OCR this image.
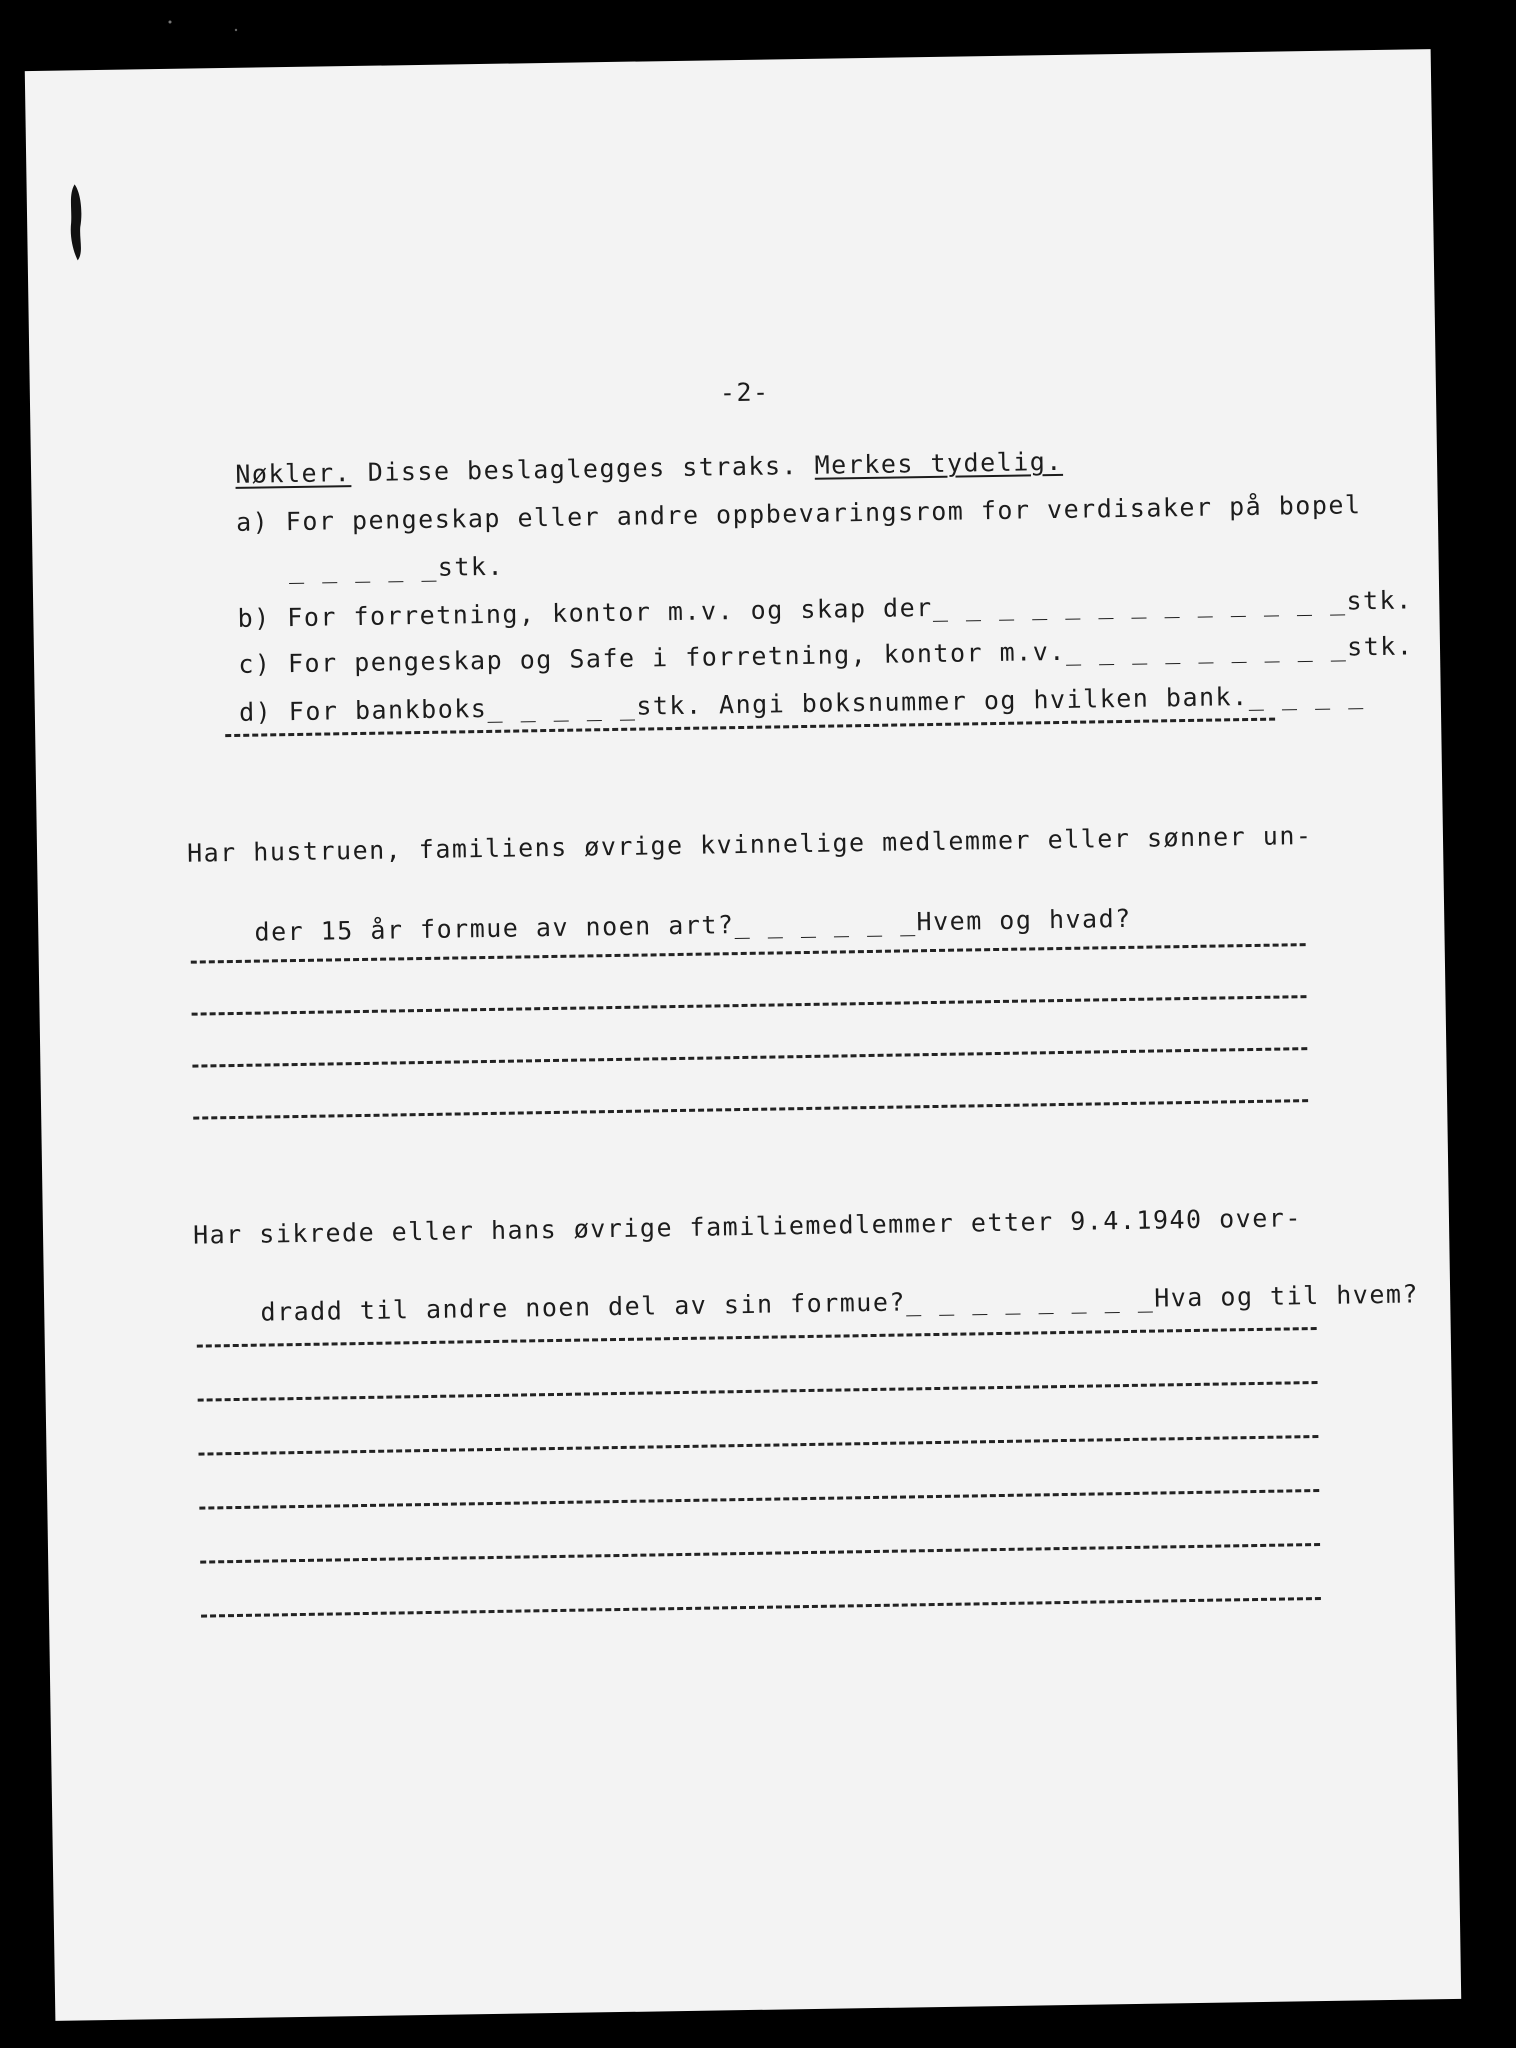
-2-

Nøkler. Disse beslaglegges straks. Merkes tydelig.

a) For pengeskap eller andre oppbevaringsrom for verdisaker på bopel

_ _ _ _ _stk.

b) For forretning, kontor m.v. og skap der_ _ _ _ _ _ _ _ _ _ _ _ _stk.

c) For pengeskap og Safe i forretning, kontor m.v._ _ _ _ _ _ _ _ _stk.

d) For bankboks_ _ _ _ _stk. Angi boksnummer og hvilken bank._ _ _ _

Har hustruen, familiens øvrige kvinnelige medlemmer eller sønner un-

der 15 år formue av noen art?_ _ _ _ _ _Hvem og hvad?

Har sikrede eller hans øvrige familiemedlemmer etter 9.4.1940 over-

dradd til andre noen del av sin formue?_ _ _ _ _ _ _ _Hva og til hvem?
